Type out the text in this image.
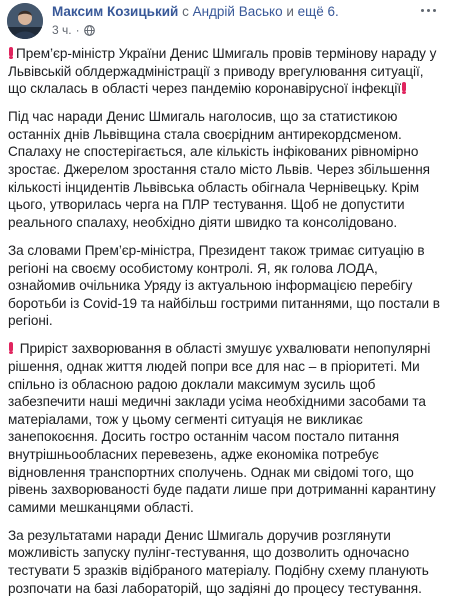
Максим Козицький с Андрій Васько и ещё 6.
3 ч. ·

Прем’єр-міністр України Денис Шмигаль провів термінову нараду у Львівській облдержадміністрації з приводу врегулювання ситуації, що склалась в області через пандемію коронавірусної інфекції

Під час наради Денис Шмигаль наголосив, що за статистикою останніх днів Львівщина стала своєрідним антирекордсменом. Спалаху не спостерігається, але кількість інфікованих рівномірно зростає. Джерелом зростання стало місто Львів. Через збільшення кількості інцидентів Львівська область обігнала Чернівецьку. Крім цього, утворилась черга на ПЛР тестування. Щоб не допустити реального спалаху, необхідно діяти швидко та консолідовано.

За словами Прем’єр-міністра, Президент також тримає ситуацію в регіоні на своєму особистому контролі. Я, як голова ЛОДА, ознайомив очільника Уряду із актуальною інформацією перебігу боротьби із Covid-19 та найбільш гострими питаннями, що постали в регіоні.

Приріст захворювання в області змушує ухвалювати непопулярні рішення, однак життя людей попри все для нас – в пріоритеті. Ми спільно із обласною радою доклали максимум зусиль щоб забезпечити наші медичні заклади усіма необхідними засобами та матеріалами, тож у цьому сегменті ситуація не викликає занепокоєння. Досить гостро останнім часом постало питання внутрішньообласних перевезень, адже економіка потребує відновлення транспортних сполучень. Однак ми свідомі того, що рівень захворюваності буде падати лише при дотриманні карантину самими мешканцями області.

За результатами наради Денис Шмигаль доручив розглянути можливість запуску пулінг-тестування, що дозволить одночасно тестувати 5 зразків відібраного матеріалу. Подібну схему планують розпочати на базі лабораторій, що задіяні до процесу тестування.
